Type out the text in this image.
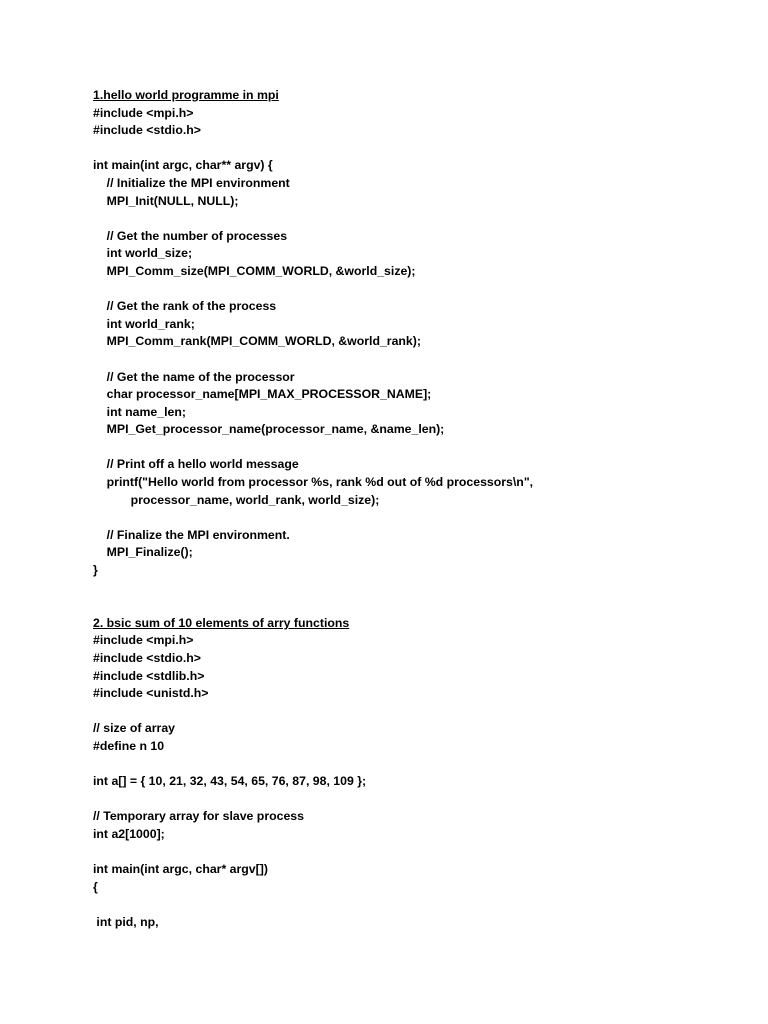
1.hello world programme in mpi
#include <mpi.h>
#include <stdio.h>
int main(int argc, char** argv) {
// Initialize the MPI environment
MPI_Init(NULL, NULL);
// Get the number of processes
int world_size;
MPI_Comm_size(MPI_COMM_WORLD, &world_size);
// Get the rank of the process
int world_rank;
MPI_Comm_rank(MPI_COMM_WORLD, &world_rank);
// Get the name of the processor
char processor_name[MPI_MAX_PROCESSOR_NAME];
int name_len;
MPI_Get_processor_name(processor_name, &name_len);
// Print off a hello world message
printf("Hello world from processor %s, rank %d out of %d processors\n",
processor_name, world_rank, world_size);
// Finalize the MPI environment.
MPI_Finalize();
}
2. bsic sum of 10 elements of arry functions
#include <mpi.h>
#include <stdio.h>
#include <stdlib.h>
#include <unistd.h>
// size of array
#define n 10
int a[] = { 10, 21, 32, 43, 54, 65, 76, 87, 98, 109 };
// Temporary array for slave process
int a2[1000];
int main(int argc, char* argv[])
{
int pid, np,
